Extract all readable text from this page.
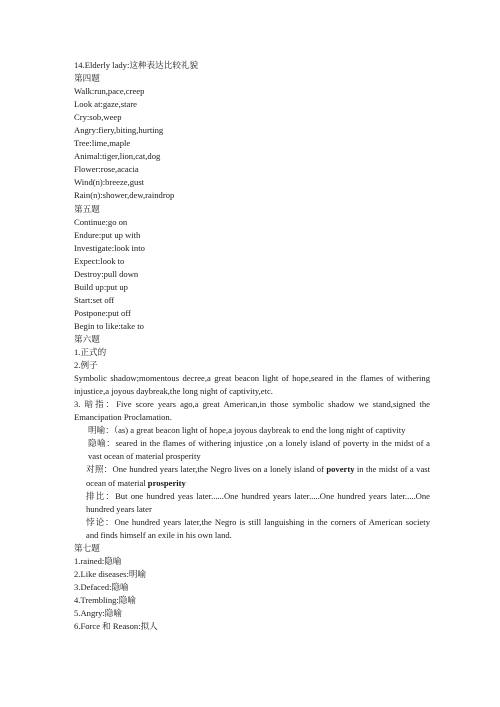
14.Elderly lady:这种表达比较礼貌
第四题
Walk:run,pace,creep
Look at:gaze,stare
Cry:sob,weep
Angry:fiery,biting,hurting
Tree:lime,maple
Animal:tiger,lion,cat,dog
Flower:rose,acacia
Wind(n):breeze,gust
Rain(n):shower,dew,raindrop
第五题
Continue:go on
Endure:put up with
Investigate:look into
Expect:look to
Destroy:pull down
Build up:put up
Start:set off
Postpone:put off
Begin to like:take to
第六题
1.正式的
2.例子
Symbolic shadow;momentous decree,a great beacon light of hope,seared in the flames of withering injustice,a joyous daybreak,the long night of captivity,etc.
3. 暗指：Five score years ago,a great American,in those symbolic shadow we stand,signed the Emancipation Proclamation.
明喻：（as) a great beacon light of hope,a joyous daybreak to end the long night of captivity
隐喻：seared in the flames of withering injustice ,on a lonely island of poverty in the midst of a vast ocean of material prosperity
对照：One hundred years later,the Negro lives on a lonely island of poverty in the midst of a vast ocean of material prosperity
排比：But one hundred yeas later......One hundred years later.....One hundred years later.....One hundred years later
悖论：One hundred years later,the Negro is still languishing in the corners of American society and finds himself an exile in his own land.
第七题
1.rained:隐喻
2.Like diseases:明喻
3.Defaced:隐喻
4.Trembling:隐喻
5.Angry:隐喻
6.Force 和 Reason:拟人
